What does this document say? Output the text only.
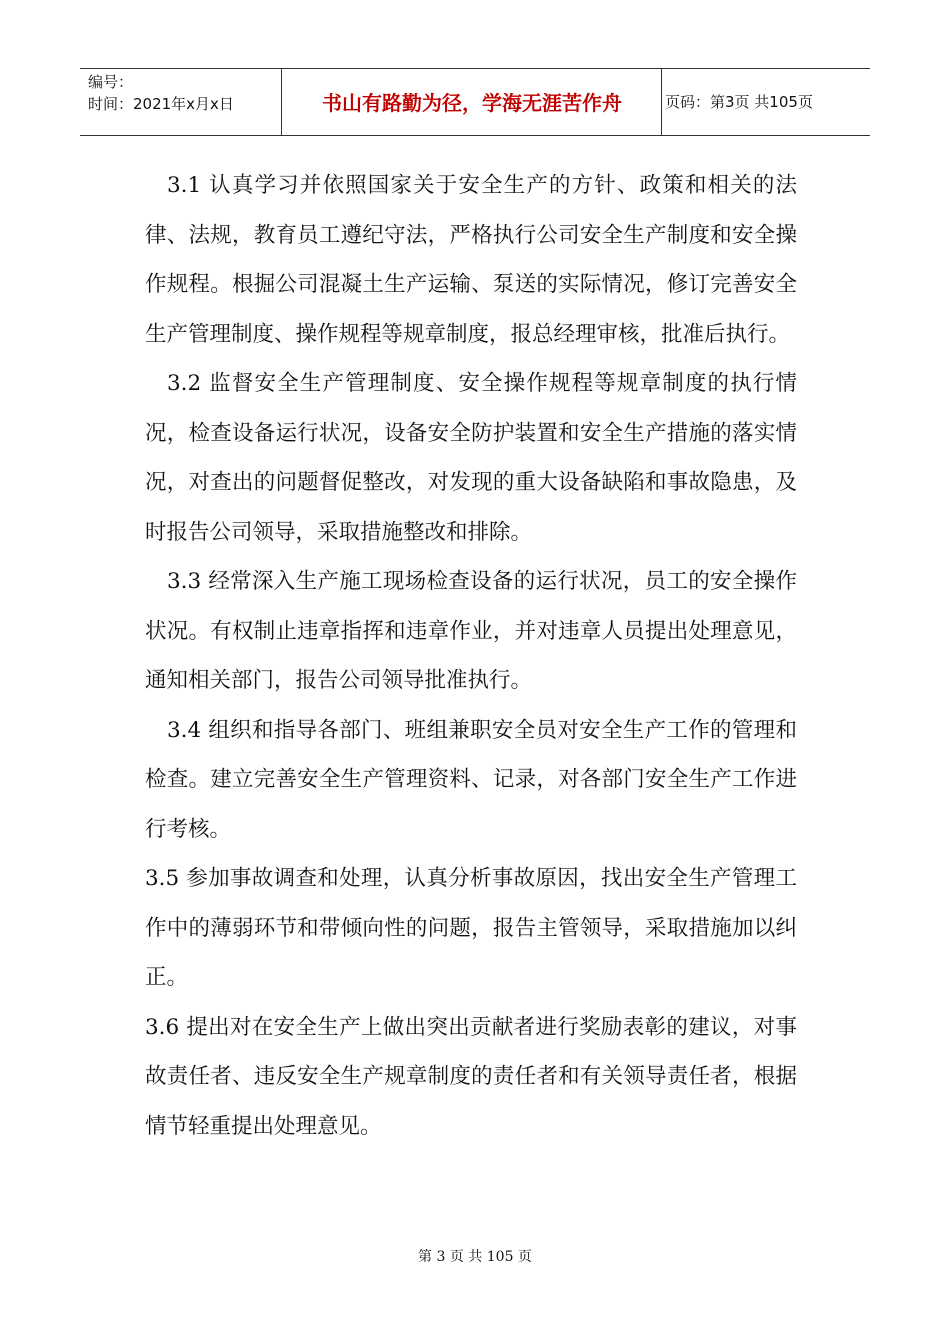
编号：
时间：2021年x月x日	书山有路勤为径，学海无涯苦作舟	页码：第3页 共105页

3.1 认真学习并依照国家关于安全生产的方针、政策和相关的法律、法规，教育员工遵纪守法，严格执行公司安全生产制度和安全操作规程。根掘公司混凝土生产运输、泵送的实际情况，修订完善安全生产管理制度、操作规程等规章制度，报总经理审核，批准后执行。

3.2 监督安全生产管理制度、安全操作规程等规章制度的执行情况，检查设备运行状况，设备安全防护装置和安全生产措施的落实情况，对查出的问题督促整改，对发现的重大设备缺陷和事故隐患，及时报告公司领导，采取措施整改和排除。

3.3 经常深入生产施工现场检查设备的运行状况，员工的安全操作状况。有权制止违章指挥和违章作业，并对违章人员提出处理意见，通知相关部门，报告公司领导批准执行。

3.4 组织和指导各部门、班组兼职安全员对安全生产工作的管理和检查。建立完善安全生产管理资料、记录，对各部门安全生产工作进行考核。

3.5 参加事故调查和处理，认真分析事故原因，找出安全生产管理工作中的薄弱环节和带倾向性的问题，报告主管领导，采取措施加以纠正。

3.6 提出对在安全生产上做出突出贡献者进行奖励表彰的建议，对事故责任者、违反安全生产规章制度的责任者和有关领导责任者，根据情节轻重提出处理意见。

第 3 页 共 105 页
